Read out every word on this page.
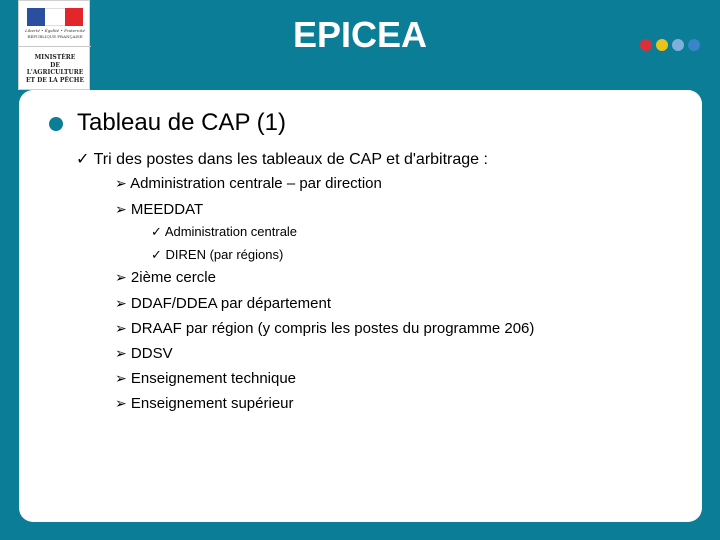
Liberté • Égalité • Fraternité
RÉPUBLIQUE FRANÇAISE
MINISTÈRE
DE L'AGRICULTURE
ET DE LA PÊCHE
EPICEA
Tableau de CAP (1)
✓ Tri des postes dans les tableaux de CAP et d'arbitrage :
➢ Administration centrale – par direction
➢ MEEDDAT
✓ Administration centrale
✓ DIREN (par régions)
➢ 2ième cercle
➢ DDAF/DDEA par département
➢ DRAAF par région (y compris les postes du programme 206)
➢ DDSV
➢ Enseignement technique
➢ Enseignement supérieur
